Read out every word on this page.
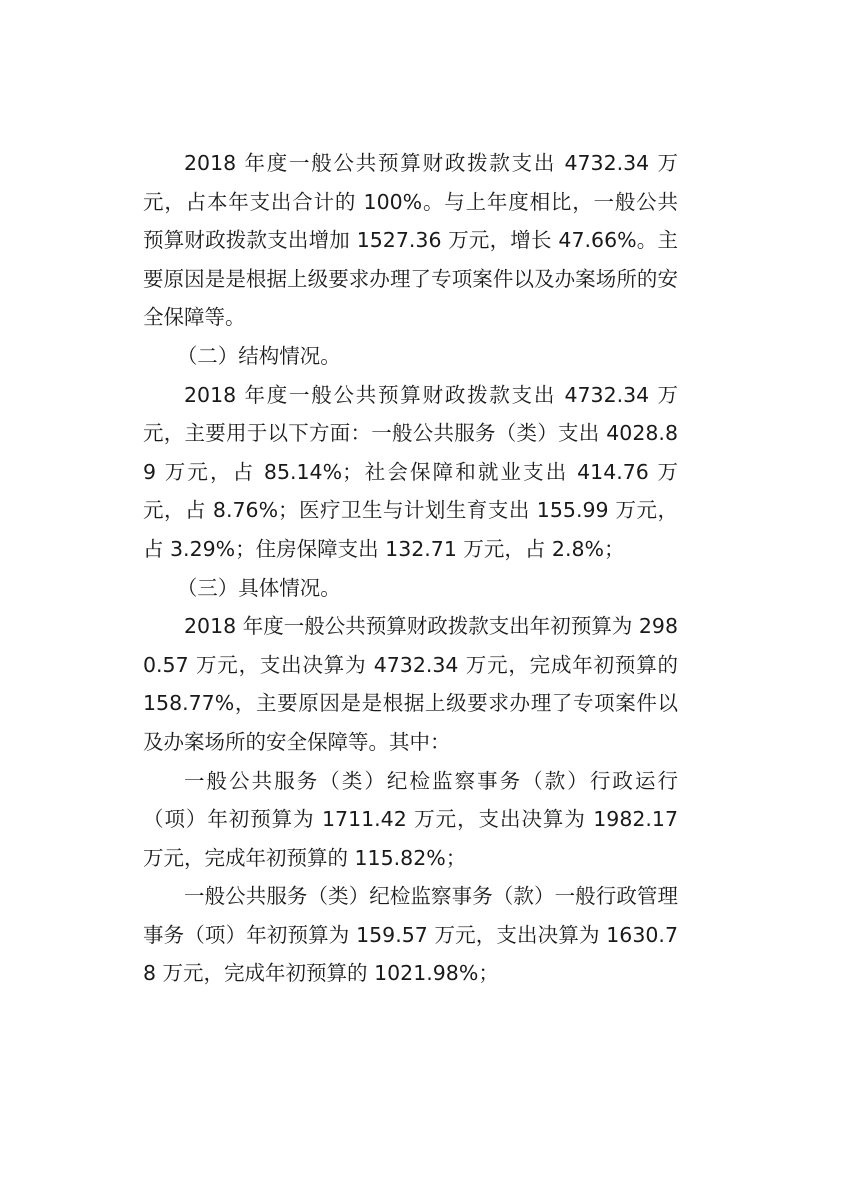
2018 年度一般公共预算财政拨款支出 4732.34 万元，占本年支出合计的 100%。与上年度相比，一般公共预算财政拨款支出增加 1527.36 万元，增长 47.66%。主要原因是是根据上级要求办理了专项案件以及办案场所的安全保障等。

（二）结构情况。

2018 年度一般公共预算财政拨款支出 4732.34 万元，主要用于以下方面：一般公共服务（类）支出 4028.89 万元，占 85.14%；社会保障和就业支出 414.76 万元，占 8.76%；医疗卫生与计划生育支出 155.99 万元，占 3.29%；住房保障支出 132.71 万元，占 2.8%；

（三）具体情况。

2018 年度一般公共预算财政拨款支出年初预算为 2980.57 万元，支出决算为 4732.34 万元，完成年初预算的 158.77%，主要原因是是根据上级要求办理了专项案件以及办案场所的安全保障等。其中：

一般公共服务（类）纪检监察事务（款）行政运行（项）年初预算为 1711.42 万元，支出决算为 1982.17 万元，完成年初预算的 115.82%；

一般公共服务（类）纪检监察事务（款）一般行政管理事务（项）年初预算为 159.57 万元，支出决算为 1630.78 万元，完成年初预算的 1021.98%；
